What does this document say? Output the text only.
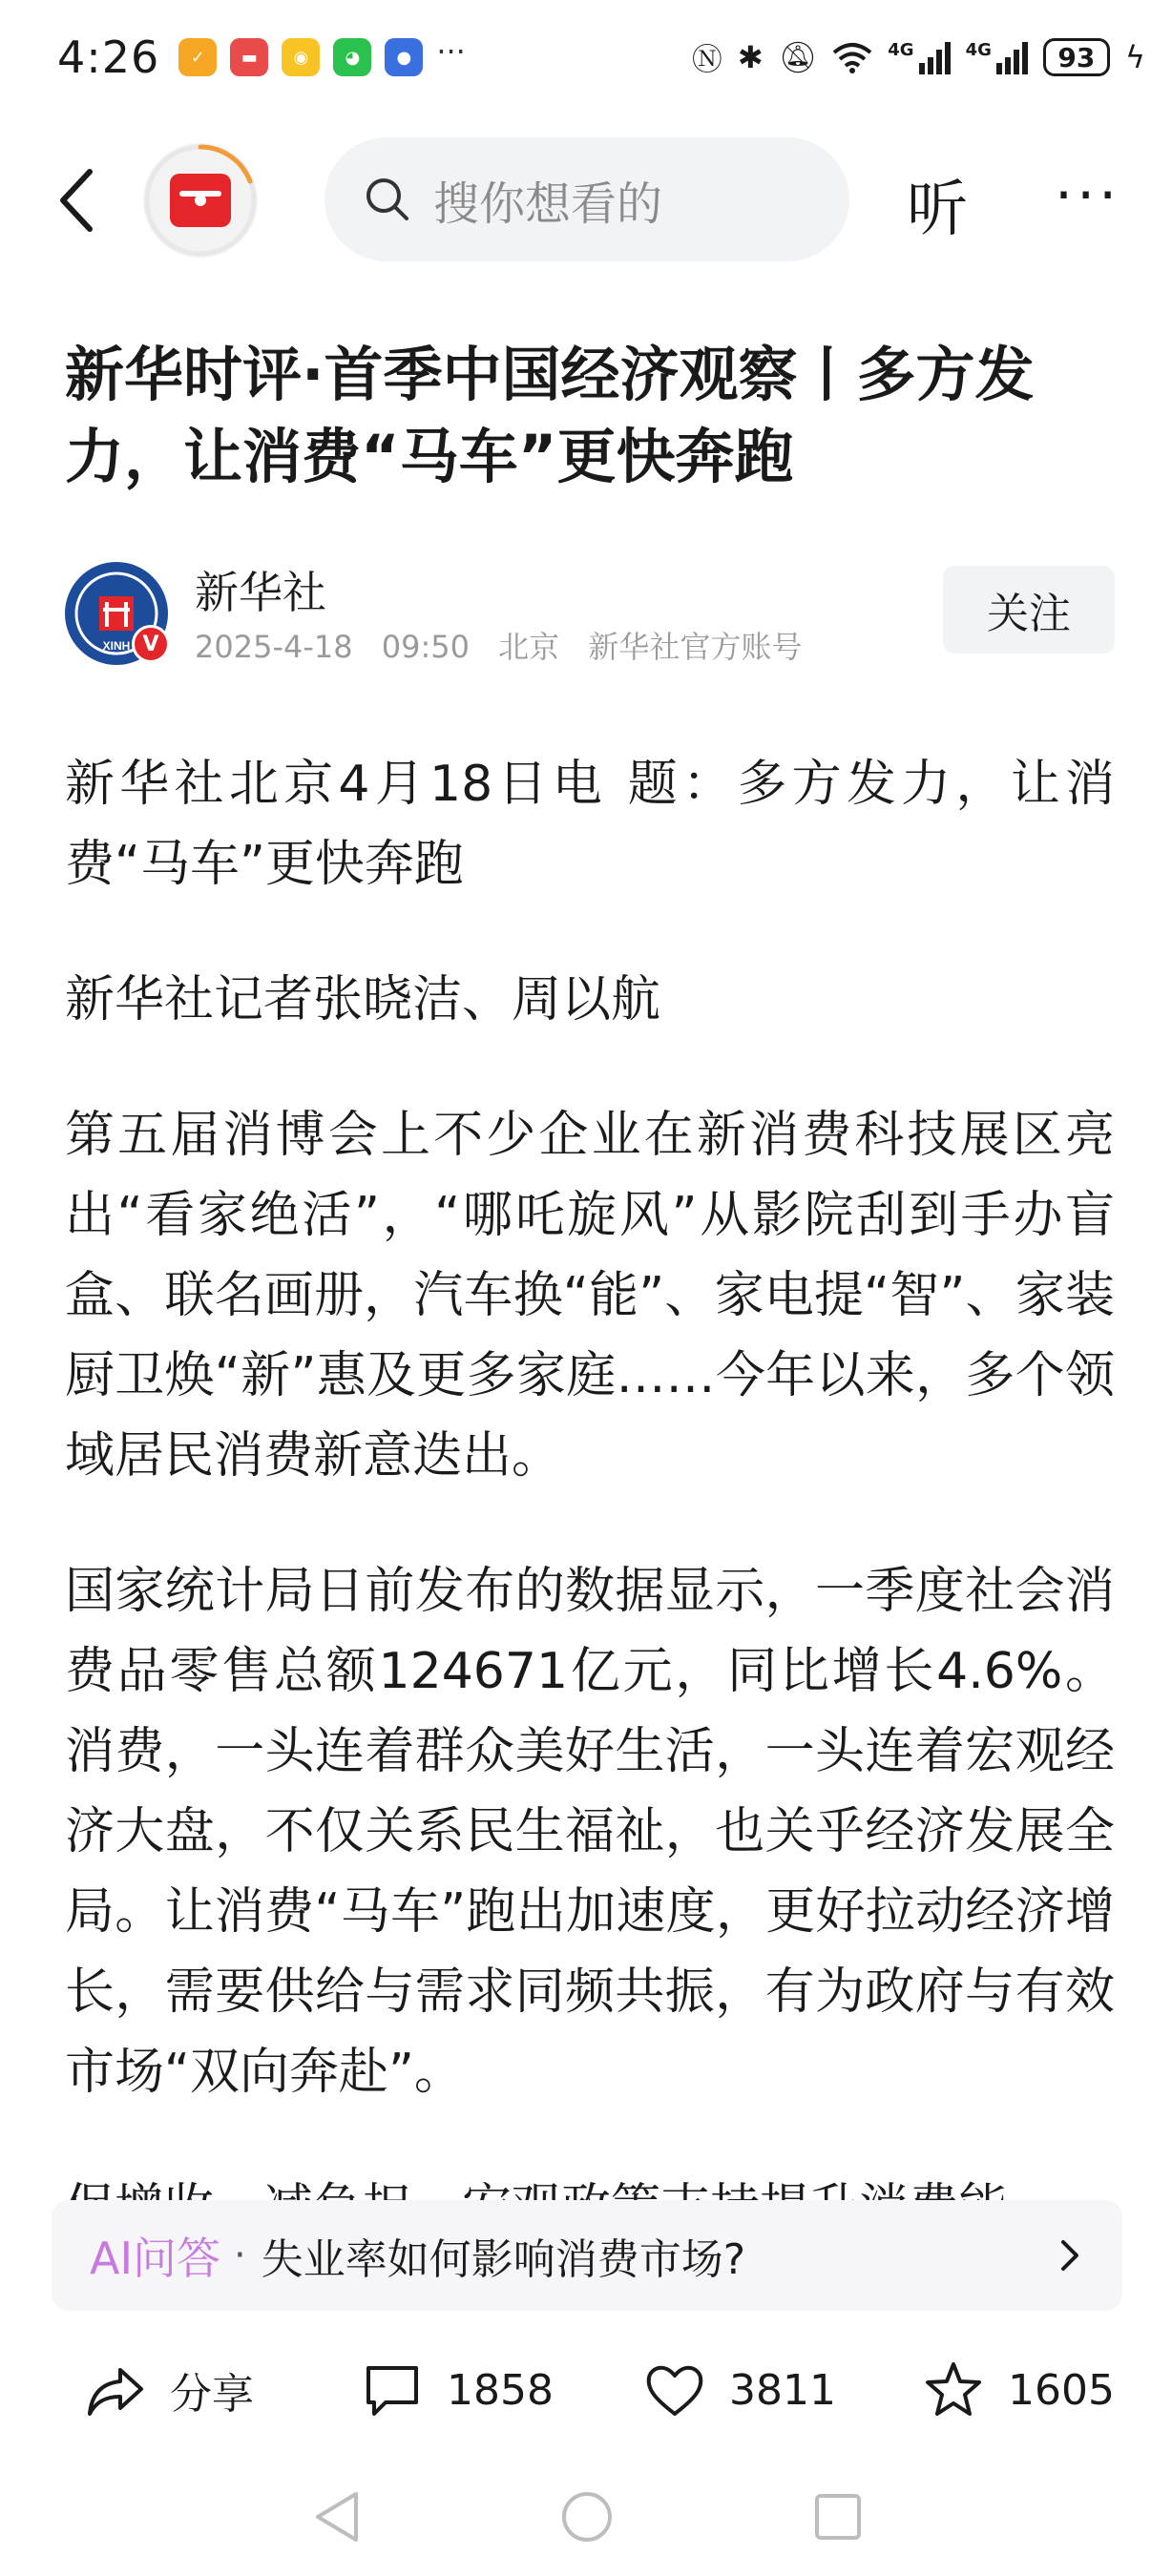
4:26	✓	▬	◉	◕	● ···	Ⓝ ✱ 🔕︎	4G	4G	93 ϟ
搜你想看的	听 ···
新华时评·首季中国经济观察丨多方发力，让消费“马车”更快奔跑
XINH V
新华社
2025-4-18 09:50 北京 新华社官方账号
关注

新华社北京4月18日电 题：多方发力，让消费“马车”更快奔跑

新华社记者张晓洁、周以航

第五届消博会上不少企业在新消费科技展区亮出“看家绝活”，“哪吒旋风”从影院刮到手办盲盒、联名画册，汽车换“能”、家电提“智”、家装厨卫焕“新”惠及更多家庭……今年以来，多个领域居民消费新意迭出。

国家统计局日前发布的数据显示，一季度社会消费品零售总额124671亿元，同比增长4.6%。消费，一头连着群众美好生活，一头连着宏观经济大盘，不仅关系民生福祉，也关乎经济发展全局。让消费“马车”跑出加速度，更好拉动经济增长，需要供给与需求同频共振，有为政府与有效市场“双向奔赴”。

AI问答 · 失业率如何影响消费市场?
分享	1858	3811	1605
